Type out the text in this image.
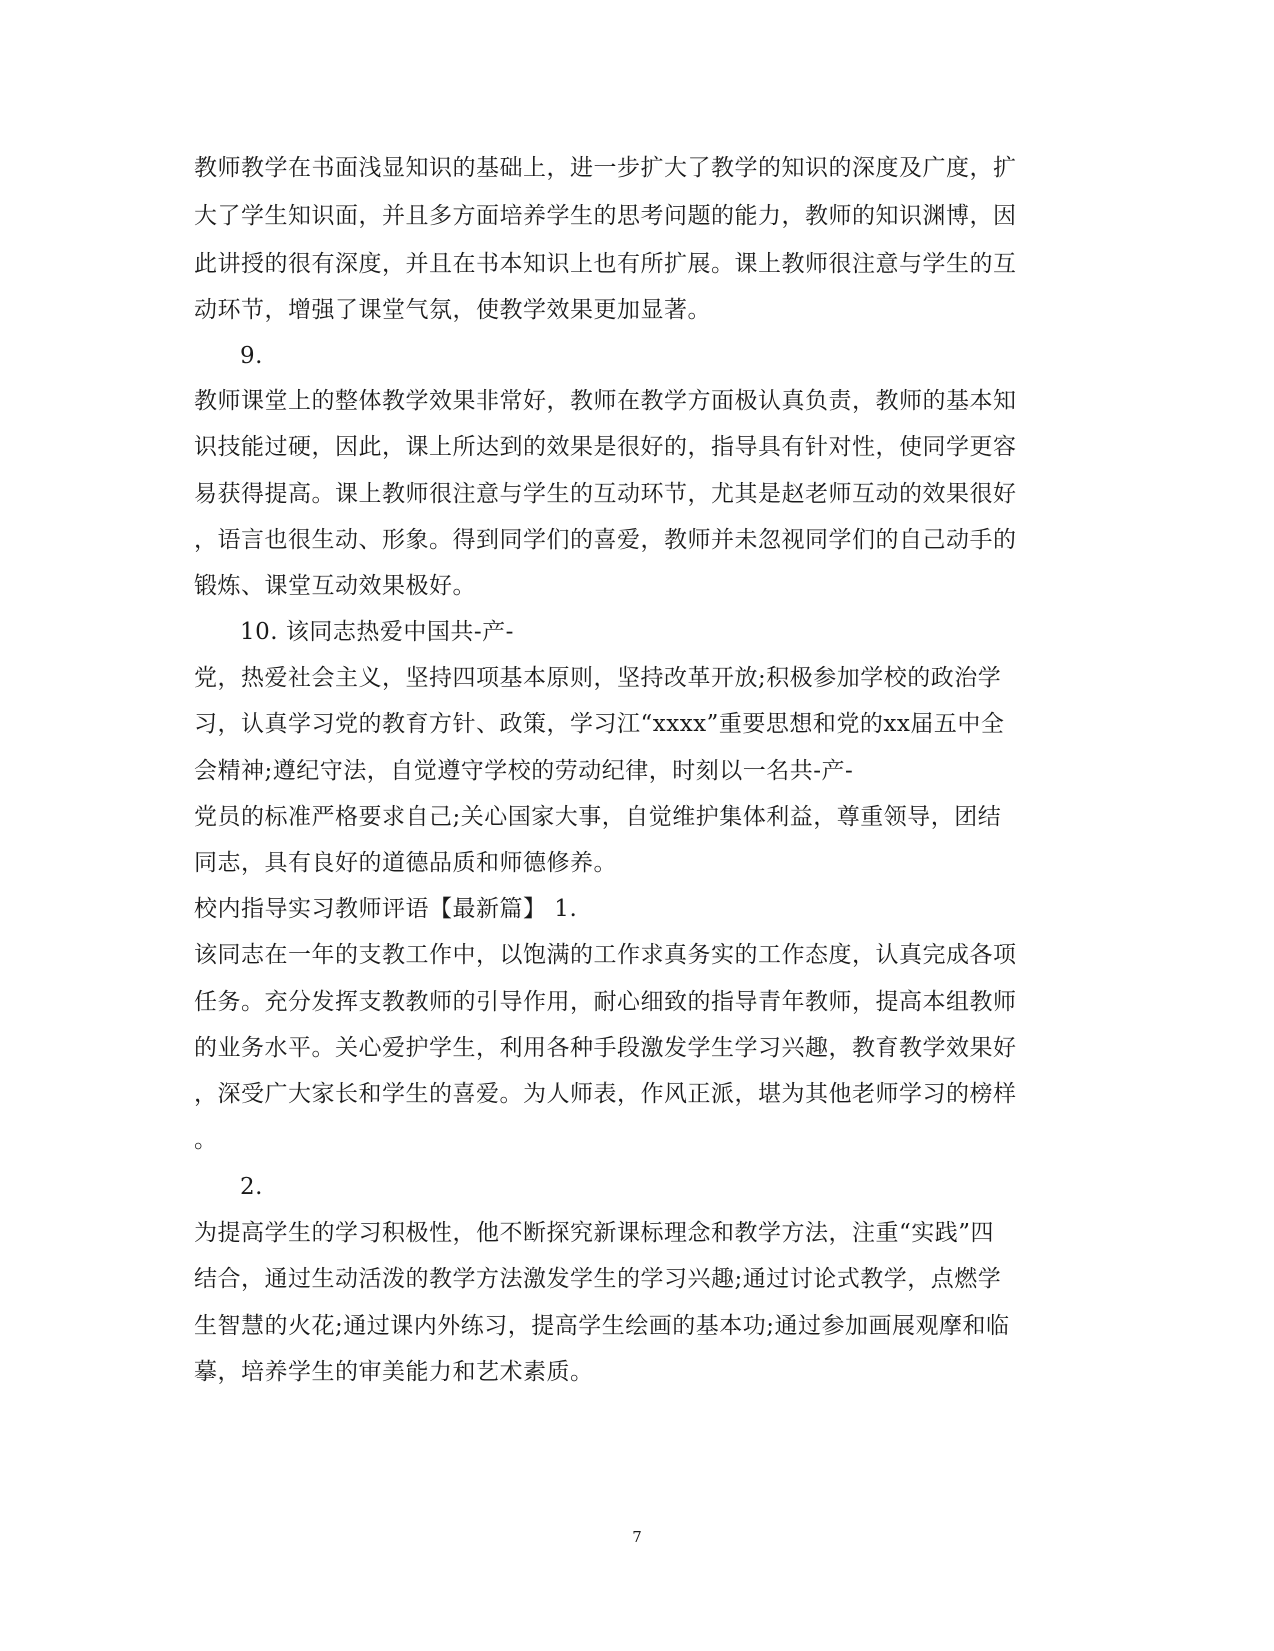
教师教学在书面浅显知识的基础上，进一步扩大了教学的知识的深度及广度，扩
大了学生知识面，并且多方面培养学生的思考问题的能力，教师的知识渊博，因
此讲授的很有深度，并且在书本知识上也有所扩展。课上教师很注意与学生的互
动环节，增强了课堂气氛，使教学效果更加显著。
9.
教师课堂上的整体教学效果非常好，教师在教学方面极认真负责，教师的基本知
识技能过硬，因此，课上所达到的效果是很好的，指导具有针对性，使同学更容
易获得提高。课上教师很注意与学生的互动环节，尤其是赵老师互动的效果很好
，语言也很生动、形象。得到同学们的喜爱，教师并未忽视同学们的自己动手的
锻炼、课堂互动效果极好。
10. 该同志热爱中国共-产-
党，热爱社会主义，坚持四项基本原则，坚持改革开放;积极参加学校的政治学
习，认真学习党的教育方针、政策，学习江“xxxx”重要思想和党的xx届五中全
会精神;遵纪守法，自觉遵守学校的劳动纪律，时刻以一名共-产-
党员的标准严格要求自己;关心国家大事，自觉维护集体利益，尊重领导，团结
同志，具有良好的道德品质和师德修养。
校内指导实习教师评语【最新篇】 1.
该同志在一年的支教工作中，以饱满的工作求真务实的工作态度，认真完成各项
任务。充分发挥支教教师的引导作用，耐心细致的指导青年教师，提高本组教师
的业务水平。关心爱护学生，利用各种手段激发学生学习兴趣，教育教学效果好
，深受广大家长和学生的喜爱。为人师表，作风正派，堪为其他老师学习的榜样
。
2.
为提高学生的学习积极性，他不断探究新课标理念和教学方法，注重“实践”四
结合，通过生动活泼的教学方法激发学生的学习兴趣;通过讨论式教学，点燃学
生智慧的火花;通过课内外练习，提高学生绘画的基本功;通过参加画展观摩和临
摹，培养学生的审美能力和艺术素质。
7
